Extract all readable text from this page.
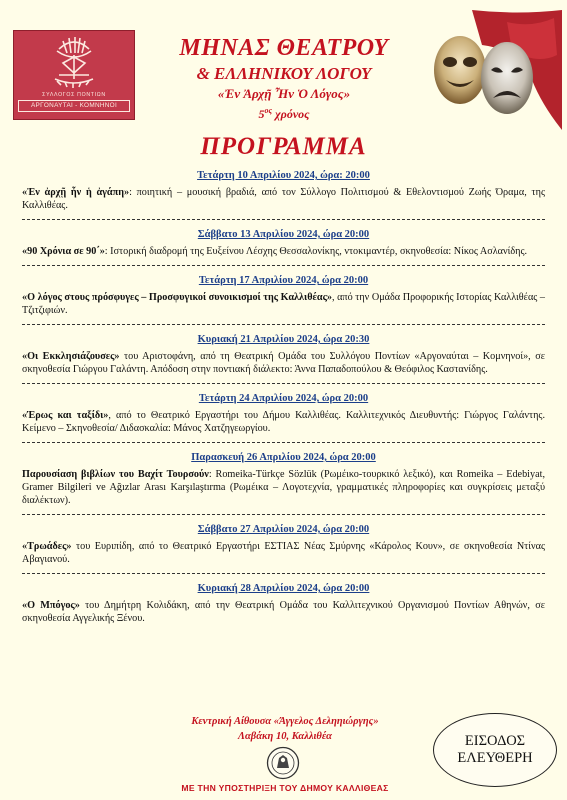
ΣΥΛΛΟΓΟΣ ΠΟΝΤΙΩΝ
ΑΡΓΟΝΑΥΤΑΙ - ΚΟΜΝΗΝΟΙ
ΜΗΝΑΣ ΘΕΑΤΡΟΥ
& ΕΛΛΗΝΙΚΟΥ ΛΟΓΟΥ
«Ἐν Ἀρχῇ Ἦν Ὁ Λόγος»
$5^{o\varsigma}$ χρόνος
ΠΡΟΓΡΑΜΜΑ
Τετάρτη 10 Απριλίου 2024, ώρα: 20:00

«Ἐν ἀρχῇ ἦν ἡ ἀγάπη»: ποιητική – μουσική βραδιά, από τον Σύλλογο Πολιτισμού & Εθελοντισμού Ζωής Όραμα, της Καλλιθέας.

Σάββατο 13 Απριλίου 2024, ώρα 20:00

«90 Χρόνια σε 90΄»: Ιστορική διαδρομή της Ευξείνου Λέσχης Θεσσαλονίκης, ντοκιμαντέρ, σκηνοθεσία: Νίκος Ασλανίδης.

Τετάρτη 17 Απριλίου 2024, ώρα 20:00

«Ο λόγος στους πρόσφυγες – Προσφυγικοί συνοικισμοί της Καλλιθέας», από την Ομάδα Προφορικής Ιστορίας Καλλιθέας – Τζιτζιφιών.

Κυριακή 21 Απριλίου 2024, ώρα 20:30

«Οι Εκκλησιάζουσες» του Αριστοφάνη, από τη Θεατρική Ομάδα του Συλλόγου Ποντίων «Αργοναύται – Κομνηνοί», σε σκηνοθεσία Γιώργου Γαλάντη. Απόδοση στην ποντιακή διάλεκτο: Άννα Παπαδοπούλου & Θεόφιλος Καστανίδης.

Τετάρτη 24 Απριλίου 2024, ώρα 20:00

«Έρως και ταξίδι», από το Θεατρικό Εργαστήρι του Δήμου Καλλιθέας. Καλλιτεχνικός Διευθυντής: Γιώργος Γαλάντης. Κείμενο – Σκηνοθεσία/ Διδασκαλία: Μάνος Χατζηγεωργίου.

Παρασκευή 26 Απριλίου 2024, ώρα 20:00

Παρουσίαση βιβλίων του Βαχίτ Τουρσούν: Romeika-Türkçe Sözlük (Ρωμέικο-τουρκικό λεξικό), και Romeika – Edebiyat, Gramer Bilgileri ve Ağızlar Arası Karşılaştırma (Ρωμέικα – Λογοτεχνία, γραμματικές πληροφορίες και συγκρίσεις μεταξύ διαλέκτων).

Σάββατο 27 Απριλίου 2024, ώρα 20:00

«Τρωάδες» του Ευριπίδη, από το Θεατρικό Εργαστήρι ΕΣΤΙΑΣ Νέας Σμύρνης «Κάρολος Κουν», σε σκηνοθεσία Ντίνας Αβαγιανού.

Κυριακή 28 Απριλίου 2024, ώρα 20:00

«Ο Μπόγος» του Δημήτρη Κολιδάκη, από την Θεατρική Ομάδα του Καλλιτεχνικού Οργανισμού Ποντίων Αθηνών, σε σκηνοθεσία Αγγελικής Ξένου.

Κεντρική Αίθουσα «Άγγελος Δεληηιώργης»
Λαβάκη 10, Καλλιθέα	ΕΙΣΟΔΟΣ
ΕΛΕΥΘΕΡΗ
ΜΕ ΤΗΝ ΥΠΟΣΤΗΡΙΞΗ ΤΟΥ ΔΗΜΟΥ ΚΑΛΛΙΘΕΑΣ
